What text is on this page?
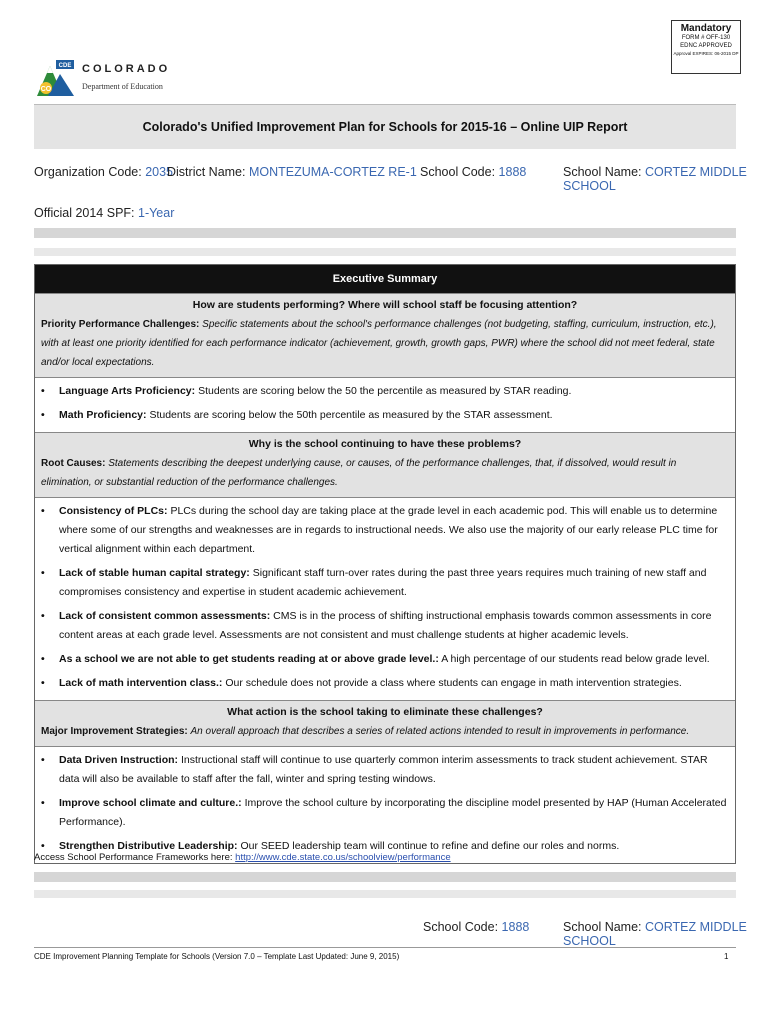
CDE
CO
COLORADO
Department of Education
Mandatory
FORM # OFF-130
EDNC APPROVED
Approval EXPIRES: 06-2015 DP
Colorado's Unified Improvement Plan for Schools for 2015-16 – Online UIP Report
Organization Code: 2035
District Name: MONTEZUMA-CORTEZ RE-1 School Code: 1888	School Name: CORTEZ MIDDLE SCHOOL
Official 2014 SPF: 1-Year
Executive Summary
How are students performing? Where will school staff be focusing attention?
Priority Performance Challenges: Specific statements about the school's performance challenges (not budgeting, staffing, curriculum, instruction, etc.), with at least one priority identified for each performance indicator (achievement, growth, growth gaps, PWR) where the school did not meet federal, state and/or local expectations.
•	Language Arts Proficiency: Students are scoring below the 50 the percentile as measured by STAR reading.
•	Math Proficiency: Students are scoring below the 50th percentile as measured by the STAR assessment.
Why is the school continuing to have these problems?
Root Causes: Statements describing the deepest underlying cause, or causes, of the performance challenges, that, if dissolved, would result in elimination, or substantial reduction of the performance challenges.
•	Consistency of PLCs: PLCs during the school day are taking place at the grade level in each academic pod. This will enable us to determine where some of our strengths and weaknesses are in regards to instructional needs. We also use the majority of our early release PLC time for vertical alignment within each department.
•	Lack of stable human capital strategy: Significant staff turn-over rates during the past three years requires much training of new staff and compromises consistency and expertise in student academic achievement.
•	Lack of consistent common assessments: CMS is in the process of shifting instructional emphasis towards common assessments in core content areas at each grade level. Assessments are not consistent and must challenge students at higher academic levels.
•	As a school we are not able to get students reading at or above grade level.: A high percentage of our students read below grade level.
•	Lack of math intervention class.: Our schedule does not provide a class where students can engage in math intervention strategies.
What action is the school taking to eliminate these challenges?
Major Improvement Strategies: An overall approach that describes a series of related actions intended to result in improvements in performance.
•	Data Driven Instruction: Instructional staff will continue to use quarterly common interim assessments to track student achievement. STAR data will also be available to staff after the fall, winter and spring testing windows.
•	Improve school climate and culture.: Improve the school culture by incorporating the discipline model presented by HAP (Human Accelerated Performance).
•	Strengthen Distributive Leadership: Our SEED leadership team will continue to refine and define our roles and norms.
Access School Performance Frameworks here: http://www.cde.state.co.us/schoolview/performance
School Code: 1888	School Name: CORTEZ MIDDLE SCHOOL
CDE Improvement Planning Template for Schools (Version 7.0 – Template Last Updated: June 9, 2015)	1
